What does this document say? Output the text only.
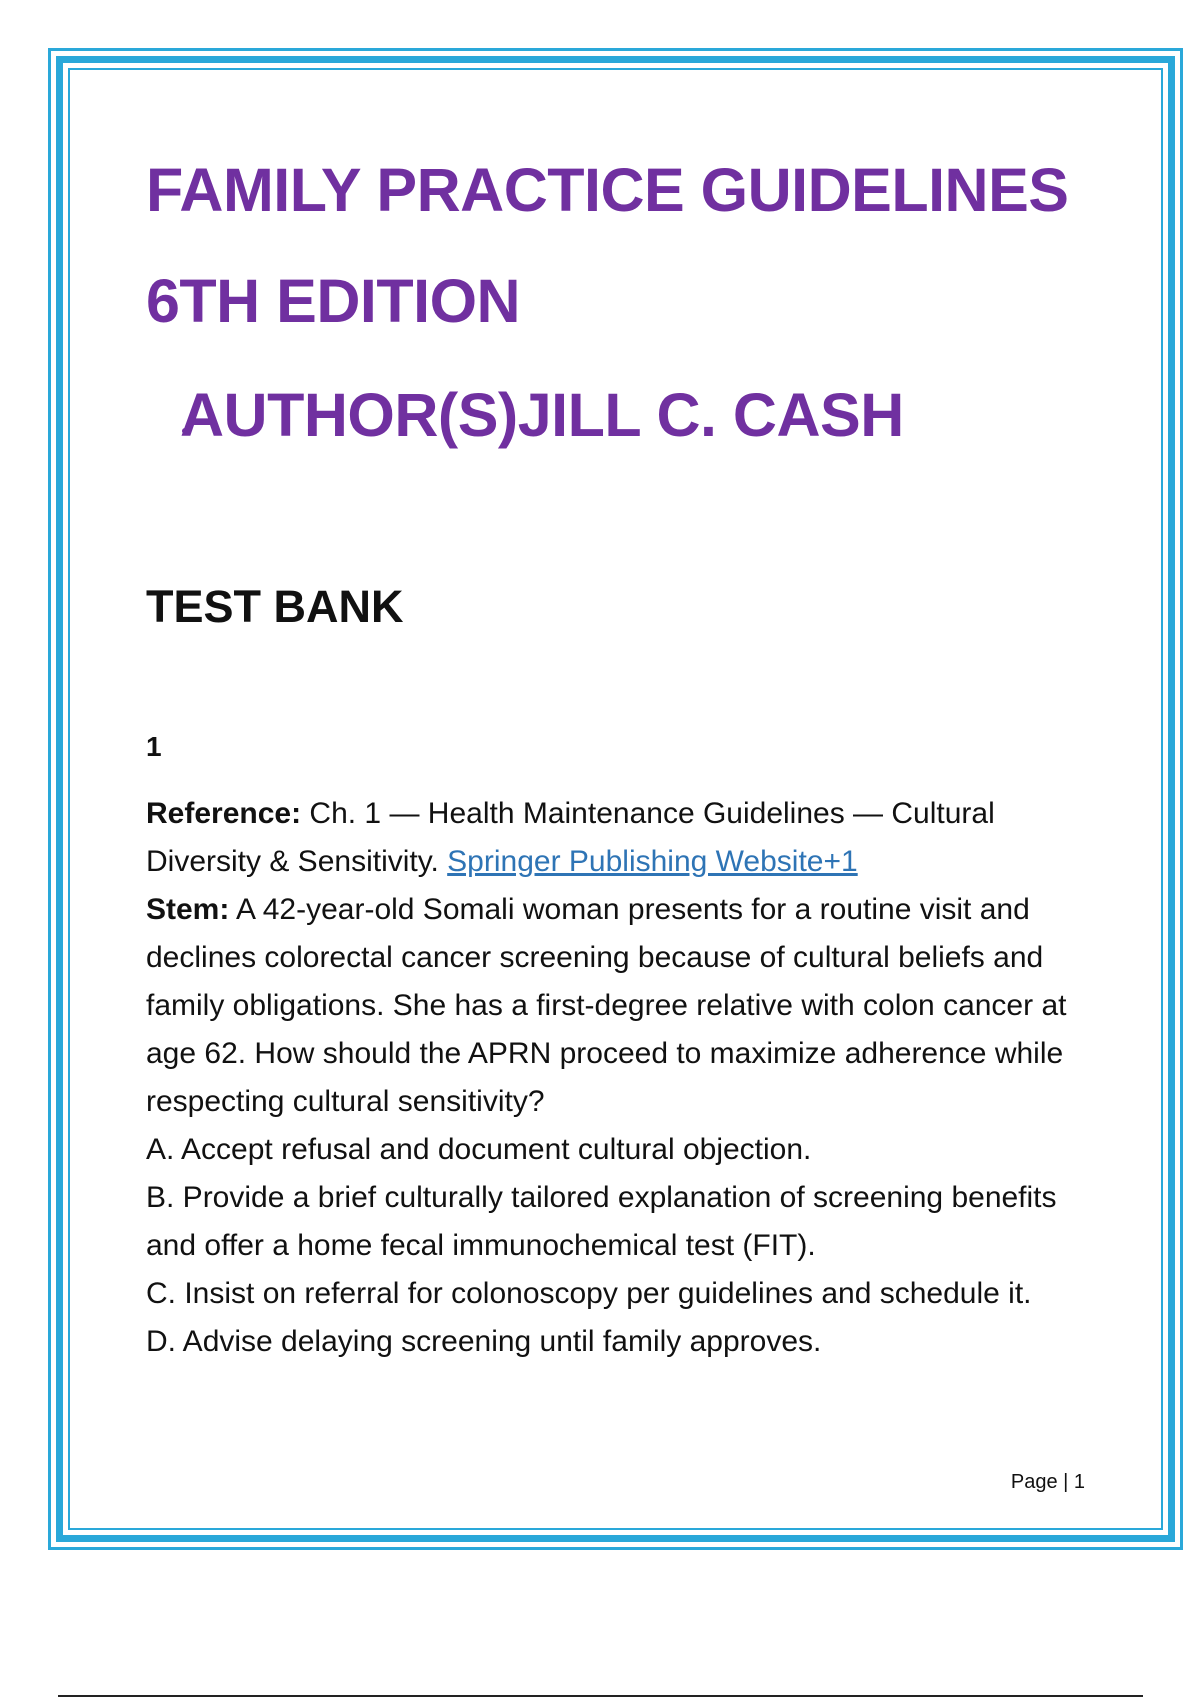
FAMILY PRACTICE GUIDELINES
6TH EDITION
AUTHOR(S)JILL C. CASH
TEST BANK
1

Reference: Ch. 1 — Health Maintenance Guidelines — Cultural Diversity & Sensitivity. Springer Publishing Website+1

Stem: A 42-year-old Somali woman presents for a routine visit and declines colorectal cancer screening because of cultural beliefs and family obligations. She has a first-degree relative with colon cancer at age 62. How should the APRN proceed to maximize adherence while respecting cultural sensitivity?

A. Accept refusal and document cultural objection.

B. Provide a brief culturally tailored explanation of screening benefits and offer a home fecal immunochemical test (FIT).

C. Insist on referral for colonoscopy per guidelines and schedule it.

D. Advise delaying screening until family approves.

Page | 1
